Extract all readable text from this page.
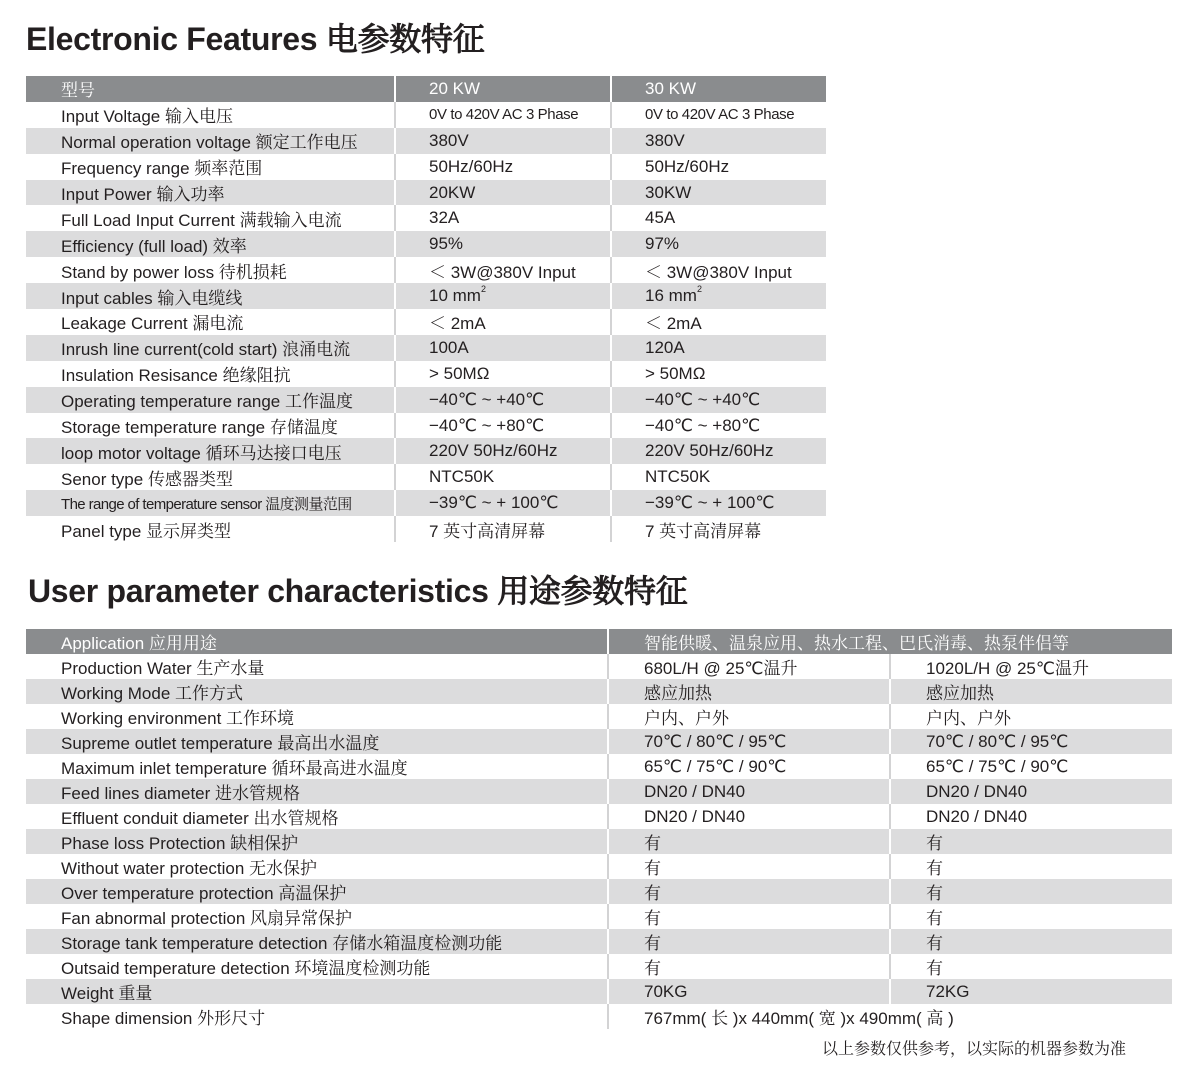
Electronic Features 电参数特征
型号	20 KW	30 KW
Input Voltage 输入电压	0V to 420V AC 3 Phase	0V to 420V AC 3 Phase
Normal operation voltage 额定工作电压	380V	380V
Frequency range 频率范围	50Hz/60Hz	50Hz/60Hz
Input Power 输入功率	20KW	30KW
Full Load Input Current 满载输入电流	32A	45A
Efficiency (full load) 效率	95%	97%
Stand by power loss 待机损耗	＜ 3W@380V Input	＜ 3W@380V Input
Input cables 输入电缆线	10 $mm^2$	16 $mm^2$
Leakage Current 漏电流	＜ 2mA	＜ 2mA
Inrush line current(cold start) 浪涌电流	100A	120A
Insulation Resisance 绝缘阻抗	> 50MΩ	> 50MΩ
Operating temperature range 工作温度	−40℃ ~ +40℃	−40℃ ~ +40℃
Storage temperature range 存储温度	−40℃ ~ +80℃	−40℃ ~ +80℃
loop motor voltage 循环马达接口电压	220V 50Hz/60Hz	220V 50Hz/60Hz
Senor type 传感器类型	NTC50K	NTC50K
The range of temperature sensor 温度测量范围	−39℃ ~ + 100℃	−39℃ ~ + 100℃
Panel type 显示屏类型	7 英寸高清屏幕	7 英寸高清屏幕
User parameter characteristics 用途参数特征
Application 应用用途	智能供暖、温泉应用、热水工程、巴氏消毒、热泵伴侣等	
Production Water 生产水量	680L/H @ 25℃温升	1020L/H @ 25℃温升
Working Mode 工作方式	感应加热	感应加热
Working environment 工作环境	户内、户外	户内、户外
Supreme outlet temperature 最高出水温度	70℃ / 80℃ / 95℃	70℃ / 80℃ / 95℃
Maximum inlet temperature 循环最高进水温度	65℃ / 75℃ / 90℃	65℃ / 75℃ / 90℃
Feed lines diameter 进水管规格	DN20 / DN40	DN20 / DN40
Effluent conduit diameter 出水管规格	DN20 / DN40	DN20 / DN40
Phase loss Protection 缺相保护	有	有
Without water protection 无水保护	有	有
Over temperature protection 高温保护	有	有
Fan abnormal protection 风扇异常保护	有	有
Storage tank temperature detection 存储水箱温度检测功能	有	有
Outsaid temperature detection 环境温度检测功能	有	有
Weight 重量	70KG	72KG
Shape dimension 外形尺寸	767mm( 长 )x 440mm( 宽 )x 490mm( 高 )	
以上参数仅供参考，以实际的机器参数为准
